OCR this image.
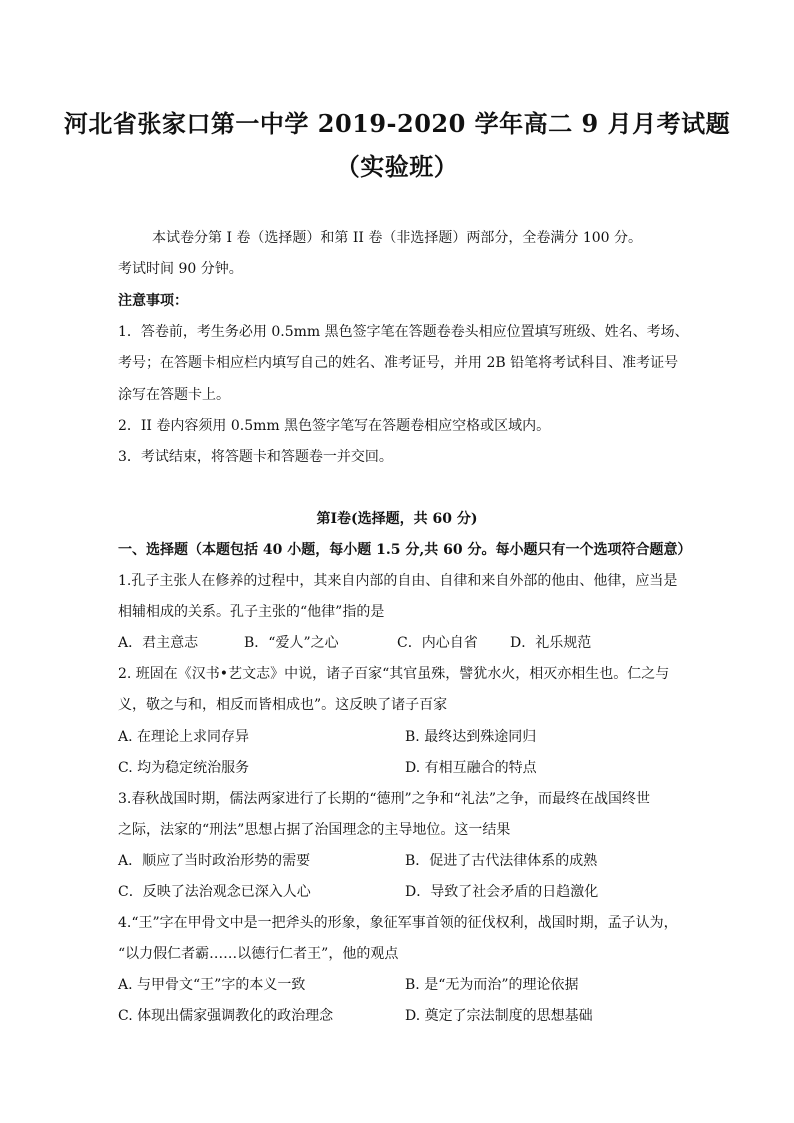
河北省张家口第一中学 2019-2020 学年高二 9 月月考试题
（实验班）
本试卷分第 I 卷（选择题）和第 II 卷（非选择题）两部分，全卷满分 100 分。
考试时间 90 分钟。
注意事项：
1．答卷前，考生务必用 0.5mm 黑色签字笔在答题卷卷头相应位置填写班级、姓名、考场、
考号；在答题卡相应栏内填写自己的姓名、准考证号，并用 2B 铅笔将考试科目、准考证号
涂写在答题卡上。
2．II 卷内容须用 0.5mm 黑色签字笔写在答题卷相应空格或区域内。
3．考试结束，将答题卡和答题卷一并交回。
第Ⅰ卷(选择题，共 60 分)
一、选择题（本题包括 40 小题，每小题 1.5 分,共 60 分。每小题只有一个选项符合题意）
1.孔子主张人在修养的过程中，其来自内部的自由、自律和来自外部的他由、他律，应当是
相辅相成的关系。孔子主张的“他律”指的是
A．君主意志	B．“爱人”之心	C．内心自省 D．礼乐规范
2. 班固在《汉书•艺文志》中说，诸子百家“其官虽殊，譬犹水火，相灭亦相生也。仁之与
义，敬之与和，相反而皆相成也”。这反映了诸子百家
A. 在理论上求同存异	B. 最终达到殊途同归
C. 均为稳定统治服务	D. 有相互融合的特点
3.春秋战国时期，儒法两家进行了长期的“德刑”之争和“礼法”之争，而最终在战国终世
之际，法家的“刑法”思想占据了治国理念的主导地位。这一结果
A．顺应了当时政治形势的需要	B．促进了古代法律体系的成熟
C．反映了法治观念已深入人心	D．导致了社会矛盾的日趋激化
4.“王”字在甲骨文中是一把斧头的形象，象征军事首领的征伐权利，战国时期，孟子认为，
“以力假仁者霸……以德行仁者王”，他的观点
A. 与甲骨文“王”字的本义一致	B. 是“无为而治”的理论依据
C. 体现出儒家强调教化的政治理念	D. 奠定了宗法制度的思想基础
